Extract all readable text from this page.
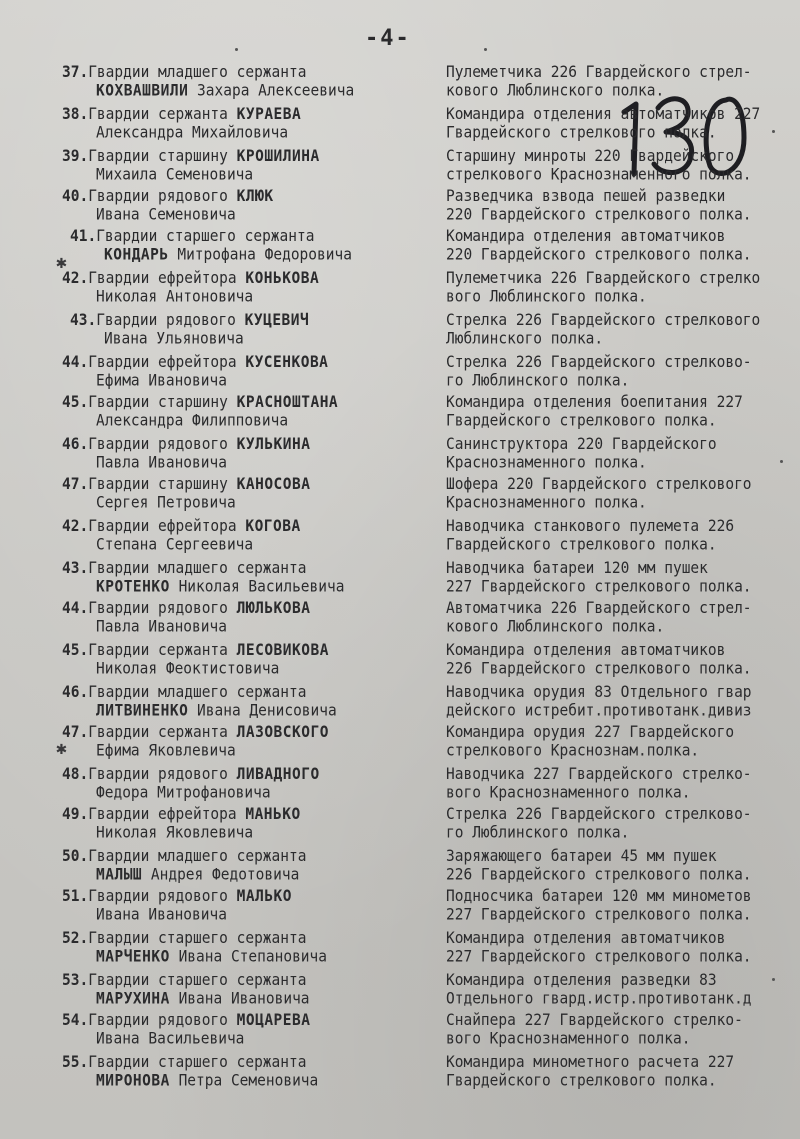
-4-
37.Гвардии младшего сержанта
КОХВАШВИЛИ Захара Алексеевича
Пулеметчика 226 Гвардейского стрел-
кового Люблинского полка.
38.Гвардии сержанта КУРАЕВА
Александра Михайловича
Командира отделения автоматчиков 227
Гвардейского стрелкового полка.
39.Гвардии старшину КРОШИЛИНА
Михаила Семеновича
Старшину минроты 220 Гвардейского
стрелкового Краснознаменного полка.
40.Гвардии рядового КЛЮК
Ивана Семеновича
Разведчика взвода пешей разведки
220 Гвардейского стрелкового полка.
41.Гвардии старшего сержанта
КОНДАРЬ Митрофана Федоровича
Командира отделения автоматчиков
220 Гвардейского стрелкового полка.
42.Гвардии ефрейтора КОНЬКОВА
Николая Антоновича
Пулеметчика 226 Гвардейского стрелко
вого Люблинского полка.
43.Гвардии рядового КУЦЕВИЧ
Ивана Ульяновича
Стрелка 226 Гвардейского стрелкового
Люблинского полка.
44.Гвардии ефрейтора КУСЕНКОВА
Ефима Ивановича
Стрелка 226 Гвардейского стрелково-
го Люблинского полка.
45.Гвардии старшину КРАСНОШТАНА
Александра Филипповича
Командира отделения боепитания 227
Гвардейского стрелкового полка.
46.Гвардии рядового КУЛЬКИНА
Павла Ивановича
Санинструктора 220 Гвардейского
Краснознаменного полка.
47.Гвардии старшину КАНОСОВА
Сергея Петровича
Шофера 220 Гвардейского стрелкового
Краснознаменного полка.
42.Гвардии ефрейтора КОГОВА
Степана Сергеевича
Наводчика станкового пулемета 226
Гвардейского стрелкового полка.
43.Гвардии младшего сержанта
КРОТЕНКО Николая Васильевича
Наводчика батареи 120 мм пушек
227 Гвардейского стрелкового полка.
44.Гвардии рядового ЛЮЛЬКОВА
Павла Ивановича
Автоматчика 226 Гвардейского стрел-
кового Люблинского полка.
45.Гвардии сержанта ЛЕСОВИКОВА
Николая Феоктистовича
Командира отделения автоматчиков
226 Гвардейского стрелкового полка.
46.Гвардии младшего сержанта
ЛИТВИНЕНКО Ивана Денисовича
Наводчика орудия 83 Отдельного гвар
дейского истребит.противотанк.дивиз
47.Гвардии сержанта ЛАЗОВСКОГО
Ефима Яковлевича
Командира орудия 227 Гвардейского
стрелкового Краснознам.полка.
48.Гвардии рядового ЛИВАДНОГО
Федора Митрофановича
Наводчика 227 Гвардейского стрелко-
вого Краснознаменного полка.
49.Гвардии ефрейтора МАНЬКО
Николая Яковлевича
Стрелка 226 Гвардейского стрелково-
го Люблинского полка.
50.Гвардии младшего сержанта
МАЛЫШ Андрея Федотовича
Заряжающего батареи 45 мм пушек
226 Гвардейского стрелкового полка.
51.Гвардии рядового МАЛЬКО
Ивана Ивановича
Подносчика батареи 120 мм минометов
227 Гвардейского стрелкового полка.
52.Гвардии старшего сержанта
МАРЧЕНКО Ивана Степановича
Командира отделения автоматчиков
227 Гвардейского стрелкового полка.
53.Гвардии старшего сержанта
МАРУХИНА Ивана Ивановича
Командира отделения разведки 83
Отдельного гвард.истр.противотанк.д
54.Гвардии рядового МОЦАРЕВА
Ивана Васильевича
Снайпера 227 Гвардейского стрелко-
вого Краснознаменного полка.
55.Гвардии старшего сержанта
МИРОНОВА Петра Семеновича
Командира минометного расчета 227
Гвардейского стрелкового полка.
✱
✱
